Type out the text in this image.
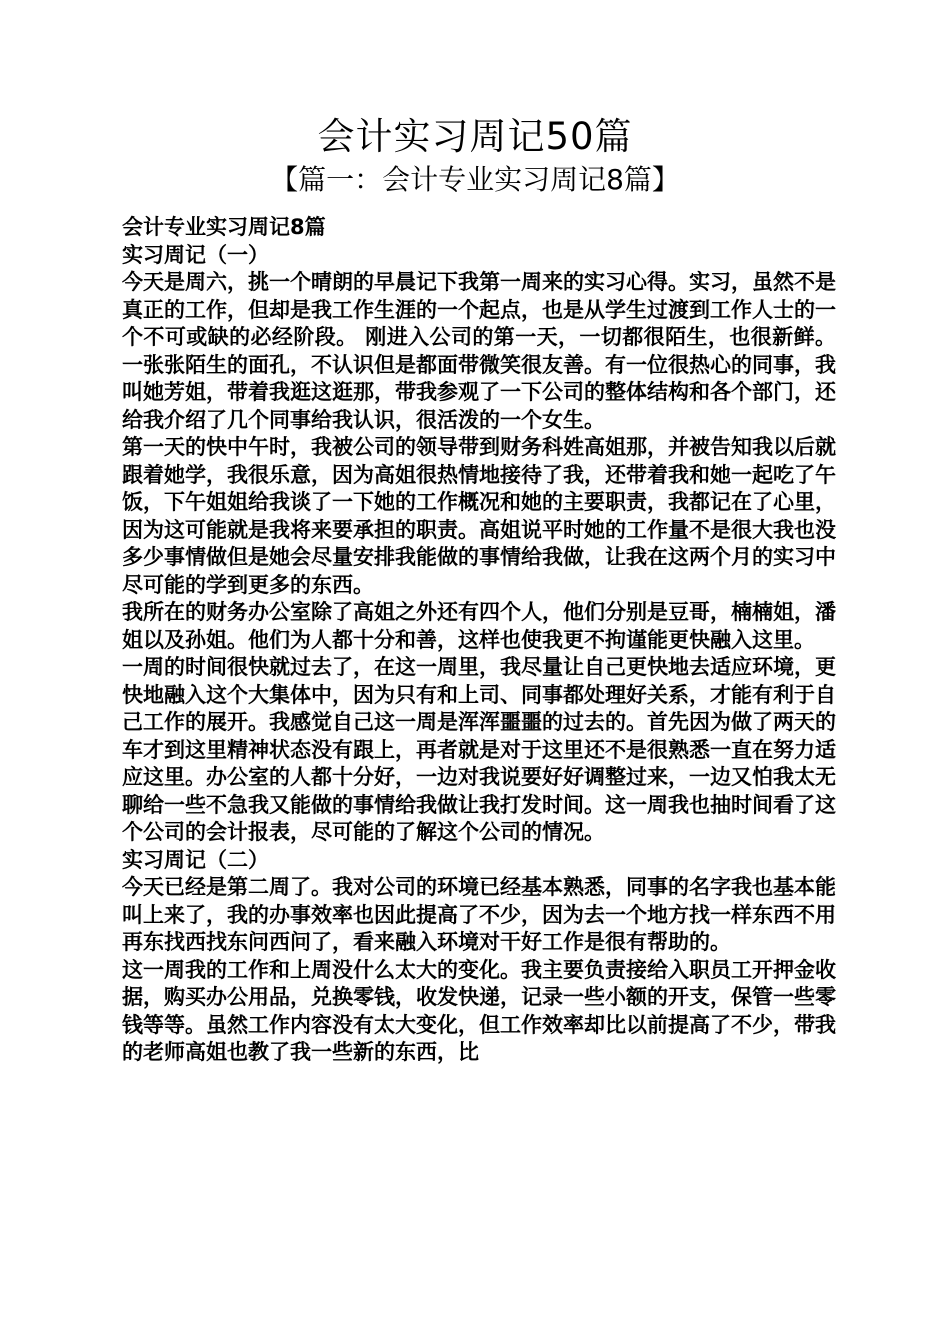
会计实习周记50篇
【篇一：会计专业实习周记8篇】

会计专业实习周记8篇

实习周记（一）

今天是周六，挑一个晴朗的早晨记下我第一周来的实习心得。实习，虽然不是真正的工作，但却是我工作生涯的一个起点，也是从学生过渡到工作人士的一个不可或缺的必经阶段。 刚进入公司的第一天，一切都很陌生，也很新鲜。一张张陌生的面孔，不认识但是都面带微笑很友善。有一位很热心的同事，我叫她芳姐，带着我逛这逛那，带我参观了一下公司的整体结构和各个部门，还给我介绍了几个同事给我认识，很活泼的一个女生。

第一天的快中午时，我被公司的领导带到财务科姓高姐那，并被告知我以后就跟着她学，我很乐意，因为高姐很热情地接待了我，还带着我和她一起吃了午饭，下午姐姐给我谈了一下她的工作概况和她的主要职责，我都记在了心里，因为这可能就是我将来要承担的职责。高姐说平时她的工作量不是很大我也没多少事情做但是她会尽量安排我能做的事情给我做，让我在这两个月的实习中尽可能的学到更多的东西。

我所在的财务办公室除了高姐之外还有四个人，他们分别是豆哥，楠楠姐，潘姐以及孙姐。他们为人都十分和善，这样也使我更不拘谨能更快融入这里。

一周的时间很快就过去了，在这一周里，我尽量让自己更快地去适应环境，更快地融入这个大集体中，因为只有和上司、同事都处理好关系，才能有利于自己工作的展开。我感觉自己这一周是浑浑噩噩的过去的。首先因为做了两天的车才到这里精神状态没有跟上，再者就是对于这里还不是很熟悉一直在努力适应这里。办公室的人都十分好，一边对我说要好好调整过来，一边又怕我太无聊给一些不急我又能做的事情给我做让我打发时间。这一周我也抽时间看了这个公司的会计报表，尽可能的了解这个公司的情况。

实习周记（二）

今天已经是第二周了。我对公司的环境已经基本熟悉，同事的名字我也基本能叫上来了，我的办事效率也因此提高了不少，因为去一个地方找一样东西不用再东找西找东问西问了，看来融入环境对干好工作是很有帮助的。

这一周我的工作和上周没什么太大的变化。我主要负责接给入职员工开押金收据，购买办公用品，兑换零钱，收发快递，记录一些小额的开支，保管一些零钱等等。虽然工作内容没有太大变化，但工作效率却比以前提高了不少，带我的老师高姐也教了我一些新的东西，比
